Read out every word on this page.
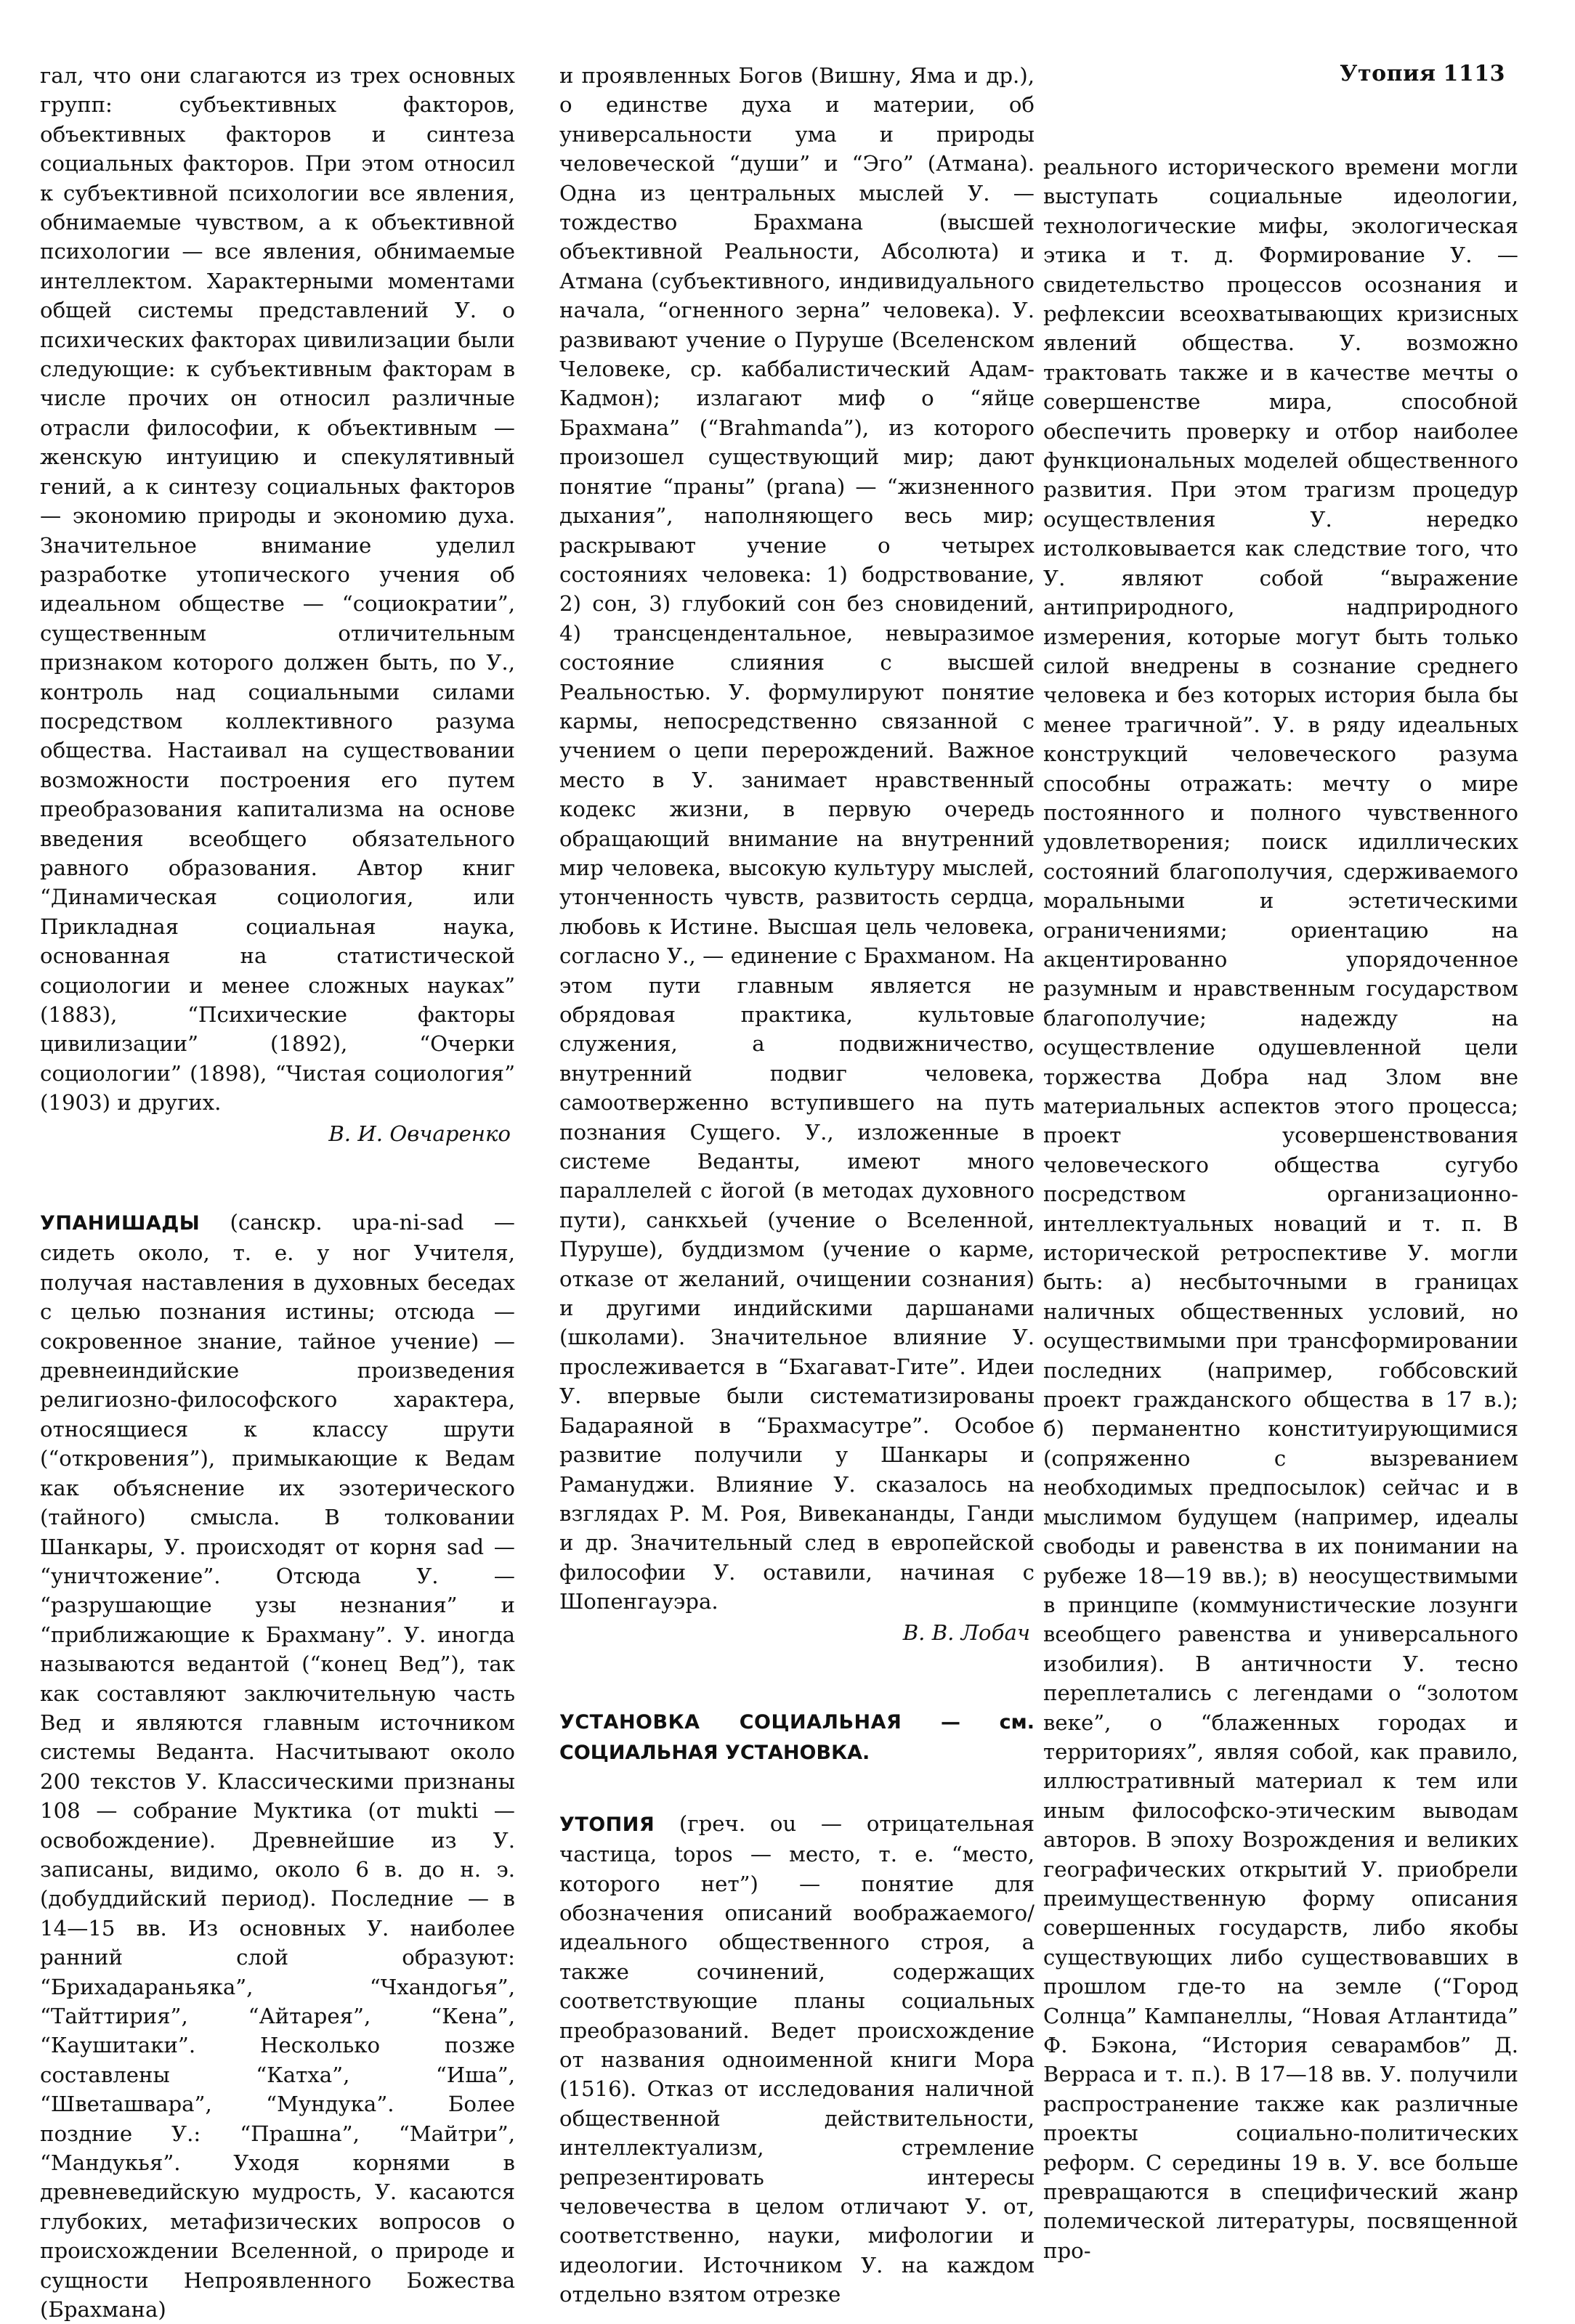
Утопия 1113

гал, что они слагаются из трех основных групп: субъективных факторов, объективных факторов и синтеза социальных факторов. При этом относил к субъективной психологии все явления, обнимаемые чувством, а к объективной психологии — все явления, обнимаемые интеллектом. Характерными моментами общей системы представлений У. о психических факторах цивилизации были следующие: к субъективным факторам в числе прочих он относил различные отрасли философии, к объективным — женскую интуицию и спекулятивный гений, а к синтезу социальных факторов — экономию природы и экономию духа. Значительное внимание уделил разработке утопического учения об идеальном обществе — “социократии”, существенным отличительным признаком которого должен быть, по У., контроль над социальными силами посредством коллективного разума общества. Настаивал на существовании возможности построения его путем преобразования капитализма на основе введения всеобщего обязательного равного образования. Автор книг “Динамическая социология, или Прикладная социальная наука, основанная на статистической социологии и менее сложных науках” (1883), “Психические факторы цивилизации” (1892), “Очерки социологии” (1898), “Чистая социология” (1903) и других.

В. И. Овчаренко

УПАНИШАДЫ (санскр. upa-ni-sad — сидеть около, т. е. у ног Учителя, получая наставления в духовных беседах с целью познания истины; отсюда — сокровенное знание, тайное учение) — древнеиндийские произведения религиозно-философского характера, относящиеся к классу шрути (“откровения”), примыкающие к Ведам как объяснение их эзотерического (тайного) смысла. В толковании Шанкары, У. происходят от корня sad — “уничтожение”. Отсюда У. — “разрушающие узы незнания” и “приближающие к Брахману”. У. иногда называются ведантой (“конец Вед”), так как составляют заключительную часть Вед и являются главным источником системы Веданта. Насчитывают около 200 текстов У. Классическими признаны 108 — собрание Муктика (от mukti — освобождение). Древнейшие из У. записаны, видимо, около 6 в. до н. э. (добуддийский период). Последние — в 14—15 вв. Из основных У. наиболее ранний слой образуют: “Брихадараньяка”, “Чхандогья”, “Тайттирия”, “Айтарея”, “Кена”, “Каушитаки”. Несколько позже составлены “Катха”, “Иша”, “Шветашвара”, “Мундука”. Более поздние У.: “Прашна”, “Майтри”, “Мандукья”. Уходя корнями в древневедийскую мудрость, У. касаются глубоких, метафизических вопросов о происхождении Вселенной, о природе и сущности Непроявленного Божества (Брахмана)

и проявленных Богов (Вишну, Яма и др.), о единстве духа и материи, об универсальности ума и природы человеческой “души” и “Эго” (Атмана). Одна из центральных мыслей У. — тождество Брахмана (высшей объективной Реальности, Абсолюта) и Атмана (субъективного, индивидуального начала, “огненного зерна” человека). У. развивают учение о Пуруше (Вселенском Человеке, ср. каббалистический Адам-Кадмон); излагают миф о “яйце Брахмана” (“Brahmanda”), из которого произошел существующий мир; дают понятие “праны” (prana) — “жизненного дыхания”, наполняющего весь мир; раскрывают учение о четырех состояниях человека: 1) бодрствование, 2) сон, 3) глубокий сон без сновидений, 4) трансцендентальное, невыразимое состояние слияния с высшей Реальностью. У. формулируют понятие кармы, непосредственно связанной с учением о цепи перерождений. Важное место в У. занимает нравственный кодекс жизни, в первую очередь обращающий внимание на внутренний мир человека, высокую культуру мыслей, утонченность чувств, развитость сердца, любовь к Истине. Высшая цель человека, согласно У., — единение с Брахманом. На этом пути главным является не обрядовая практика, культовые служения, а подвижничество, внутренний подвиг человека, самоотверженно вступившего на путь познания Сущего. У., изложенные в системе Веданты, имеют много параллелей с йогой (в методах духовного пути), санкхьей (учение о Вселенной, Пуруше), буддизмом (учение о карме, отказе от желаний, очищении сознания) и другими индийскими даршанами (школами). Значительное влияние У. прослеживается в “Бхагават-Гите”. Идеи У. впервые были систематизированы Бадараяной в “Брахмасутре”. Особое развитие получили у Шанкары и Рамануджи. Влияние У. сказалось на взглядах Р. М. Роя, Вивекананды, Ганди и др. Значительный след в европейской философии У. оставили, начиная с Шопенгауэра.

В. В. Лобач

УСТАНОВКА СОЦИАЛЬНАЯ — см. СОЦИАЛЬНАЯ УСТАНОВКА.

УТОПИЯ (греч. ou — отрицательная частица, topos — место, т. е. “место, которого нет”) — понятие для обозначения описаний воображаемого/идеального общественного строя, а также сочинений, содержащих соответствующие планы социальных преобразований. Ведет происхождение от названия одноименной книги Мора (1516). Отказ от исследования наличной общественной действительности, интеллектуализм, стремление репрезентировать интересы человечества в целом отличают У. от, соответственно, науки, мифологии и идеологии. Источником У. на каждом отдельно взятом отрезке

реального исторического времени могли выступать социальные идеологии, технологические мифы, экологическая этика и т. д. Формирование У. — свидетельство процессов осознания и рефлексии всеохватывающих кризисных явлений общества. У. возможно трактовать также и в качестве мечты о совершенстве мира, способной обеспечить проверку и отбор наиболее функциональных моделей общественного развития. При этом трагизм процедур осуществления У. нередко истолковывается как следствие того, что У. являют собой “выражение антиприродного, надприродного измерения, которые могут быть только силой внедрены в сознание среднего человека и без которых история была бы менее трагичной”. У. в ряду идеальных конструкций человеческого разума способны отражать: мечту о мире постоянного и полного чувственного удовлетворения; поиск идиллических состояний благополучия, сдерживаемого моральными и эстетическими ограничениями; ориентацию на акцентированно упорядоченное разумным и нравственным государством благополучие; надежду на осуществление одушевленной цели торжества Добра над Злом вне материальных аспектов этого процесса; проект усовершенствования человеческого общества сугубо посредством организационно-интеллектуальных новаций и т. п. В исторической ретроспективе У. могли быть: а) несбыточными в границах наличных общественных условий, но осуществимыми при трансформировании последних (например, гоббсовский проект гражданского общества в 17 в.); б) перманентно конституирующимися (сопряженно с вызреванием необходимых предпосылок) сейчас и в мыслимом будущем (например, идеалы свободы и равенства в их понимании на рубеже 18—19 вв.); в) неосуществимыми в принципе (коммунистические лозунги всеобщего равенства и универсального изобилия). В античности У. тесно переплетались с легендами о “золотом веке”, о “блаженных городах и территориях”, являя собой, как правило, иллюстративный материал к тем или иным философско-этическим выводам авторов. В эпоху Возрождения и великих географических открытий У. приобрели преимущественную форму описания совершенных государств, либо якобы существующих либо существовавших в прошлом где-то на земле (“Город Солнца” Кампанеллы, “Новая Атлантида” Ф. Бэкона, “История севарамбов” Д. Верраса и т. п.). В 17—18 вв. У. получили распространение также как различные проекты социально-политических реформ. С середины 19 в. У. все больше превращаются в специфический жанр полемической литературы, посвященной про-
